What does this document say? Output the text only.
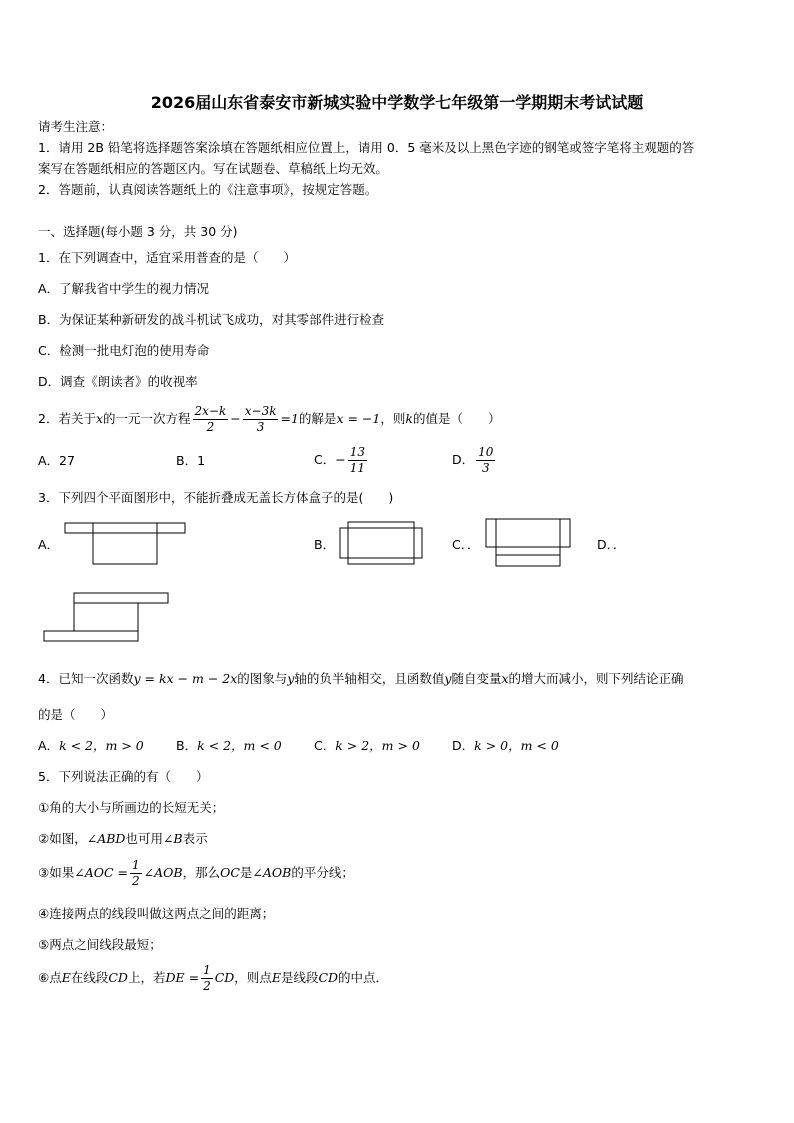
2026届山东省泰安市新城实验中学数学七年级第一学期期末考试试题
请考生注意：
1．请用 2B 铅笔将选择题答案涂填在答题纸相应位置上，请用 0．5 毫米及以上黑色字迹的钢笔或签字笔将主观题的答
案写在答题纸相应的答题区内。写在试题卷、草稿纸上均无效。
2．答题前，认真阅读答题纸上的《注意事项》，按规定答题。
一、选择题(每小题 3 分，共 30 分)
1．在下列调查中，适宜采用普查的是（　　）
A．了解我省中学生的视力情况
B．为保证某种新研发的战斗机试飞成功，对其零部件进行检查
C．检测一批电灯泡的使用寿命
D．调查《朗读者》的收视率
2．若关于x的一元一次方程 $\frac{2x-k}{2} - \frac{x-3k}{3} =1$的解是x = −1，则k的值是（　　）
A．27	B．1	C．− $\frac{13}{11}$	D． $\frac{10}{3}$
3．下列四个平面图形中，不能折叠成无盖长方体盒子的是(　　)
A．	B．	C．．	D．．
4．已知一次函数y = kx − m − 2x的图象与y轴的负半轴相交，且函数值y随自变量x的增大而减小，则下列结论正确
的是（　　）
A．k < 2，m > 0	B．k < 2，m < 0	C．k > 2，m > 0	D．k > 0，m < 0
5．下列说法正确的有（　　）
①角的大小与所画边的长短无关；
②如图，∠ABD也可用∠B表示
③如果∠AOC = $\frac{1}{2}$ ∠AOB，那么OC是∠AOB的平分线；
④连接两点的线段叫做这两点之间的距离；
⑤两点之间线段最短；
⑥点E在线段CD上，若DE = $\frac{1}{2}$ CD，则点E是线段CD的中点．
